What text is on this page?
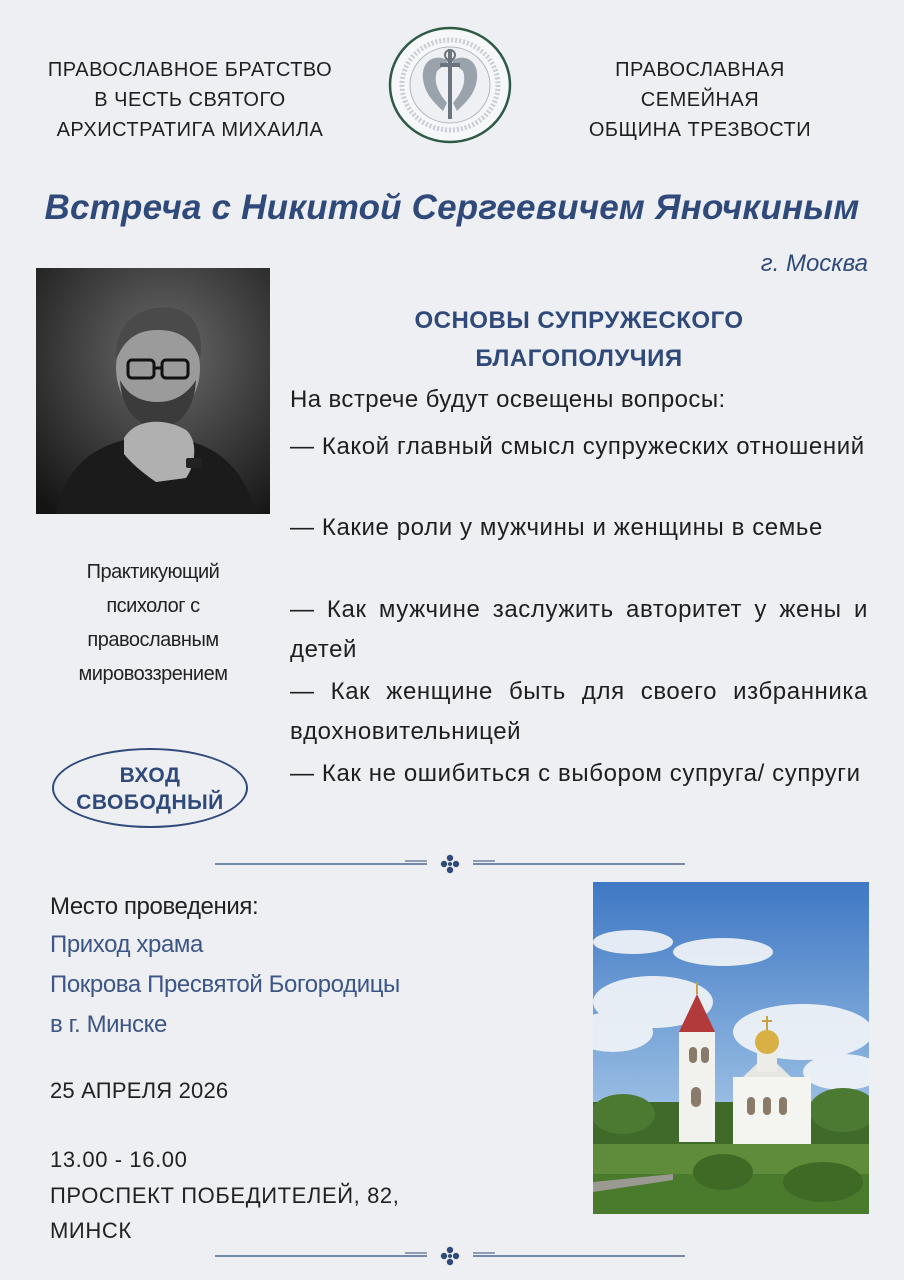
ПРАВОСЛАВНОЕ БРАТСТВО
В ЧЕСТЬ СВЯТОГО
АРХИСТРАТИГА МИХАИЛА
ПРАВОСЛАВНАЯ
СЕМЕЙНАЯ
ОБЩИНА ТРЕЗВОСТИ
Встреча с Никитой Сергеевичем Яночкиным
г. Москва
ОСНОВЫ СУПРУЖЕСКОГО
БЛАГОПОЛУЧИЯ
На встрече будут освещены вопросы:
— Какой главный смысл супружеских отношений
— Какие роли у мужчины и женщины в семье
— Как мужчине заслужить авторитет у жены и детей
— Как женщине быть для своего избранника вдохновительницей
— Как не ошибиться с выбором супруга/ супруги
Практикующий
психолог с
православным
мировоззрением
ВХОД
СВОБОДНЫЙ
Место проведения:
Приход храма
Покрова Пресвятой Богородицы
в г. Минске
25 АПРЕЛЯ 2026
13.00 - 16.00
ПРОСПЕКТ ПОБЕДИТЕЛЕЙ, 82,
МИНСК
